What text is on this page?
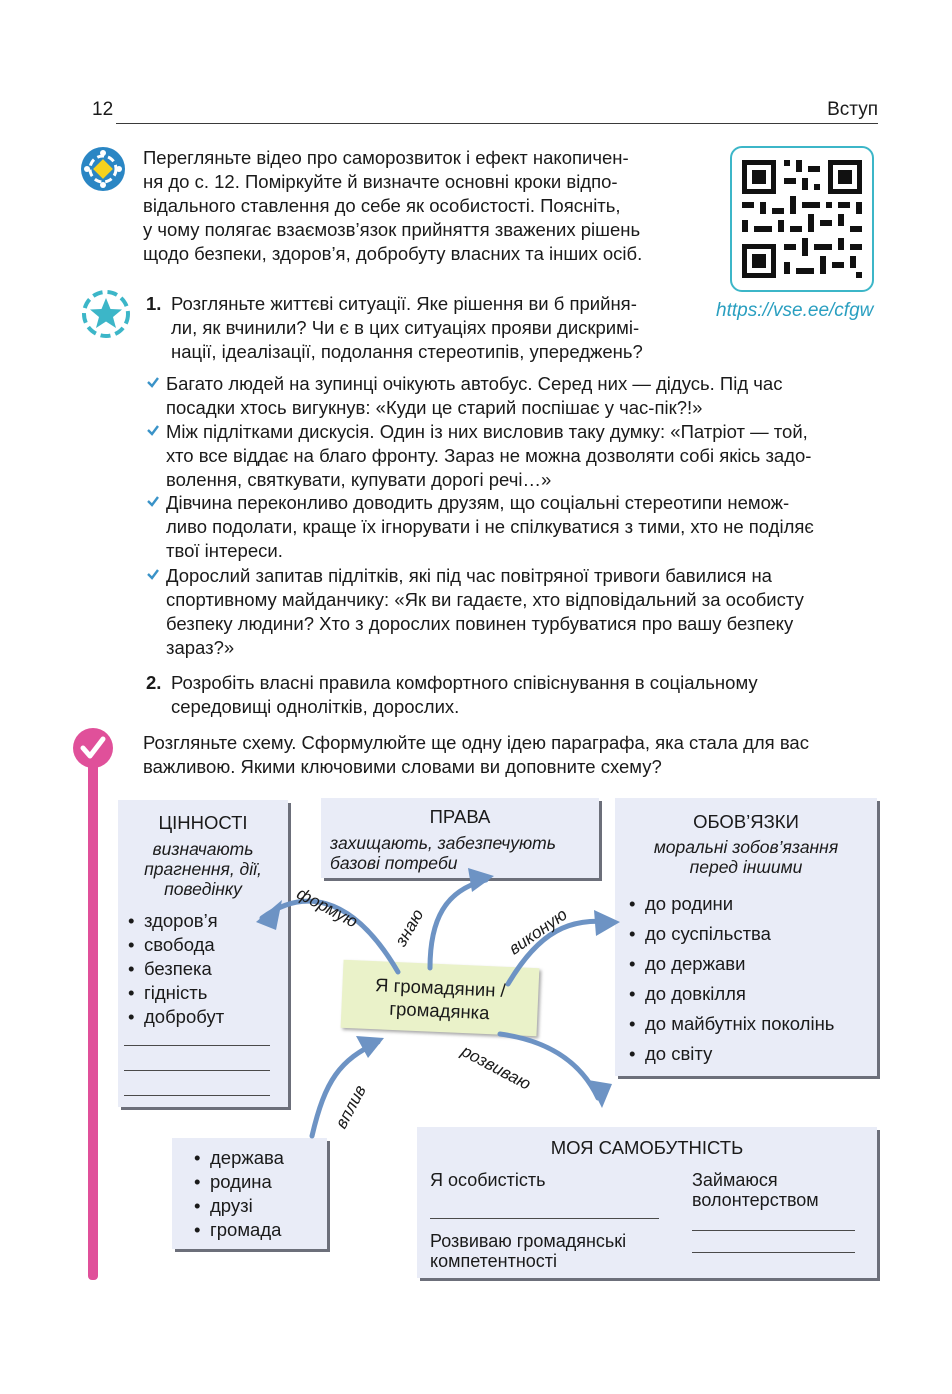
12	Вступ
Перегляньте відео про саморозвиток і ефект накопичен-
ня до с. 12. Поміркуйте й визначте основні кроки відпо-
відального ставлення до себе як особистості. Поясніть,
у чому полягає взаємозв’язок прийняття зважених рішень
щодо безпеки, здоров’я, добробуту власних та інших осіб.
https://vse.ee/cfgw
1. Розгляньте життєві ситуації. Яке рішення ви б прийня-
ли, як вчинили? Чи є в цих ситуаціях прояви дискримі-
нації, ідеалізації, подолання стереотипів, упереджень?
Багато людей на зупинці очікують автобус. Серед них — дідусь. Під час
посадки хтось вигукнув: «Куди це старий поспішає у час-пік?!»
Між підлітками дискусія. Один із них висловив таку думку: «Патріот — той,
хто все віддає на благо фронту. Зараз не можна дозволяти собі якісь задо-
волення, святкувати, купувати дорогі речі…»
Дівчина переконливо доводить друзям, що соціальні стереотипи немож-
ливо подолати, краще їх ігнорувати і не спілкуватися з тими, хто не поділяє
твої інтереси.
Дорослий запитав підлітків, які під час повітряної тривоги бавилися на
спортивному майданчику: «Як ви гадаєте, хто відповідальний за особисту
безпеку людини? Хто з дорослих повинен турбуватися про вашу безпеку
зараз?»
2. Розробіть власні правила комфортного співіснування в соціальному
середовищі однолітків, дорослих.
Розгляньте схему. Сформулюйте ще одну ідею параграфа, яка стала для вас
важливою. Якими ключовими словами ви доповните схему?
ЦІННОСТІ
визначають
прагнення, дії,
поведінку
• здоров’я
• свобода
• безпека
• гідність
• добробут
ПРАВА
захищають, забезпечують
базові потреби
ОБОВ’ЯЗКИ
моральні зобов’язання
перед іншими
• до родини
• до суспільства
• до держави
• до довкілля
• до майбутніх поколінь
• до світу
• держава
• родина
• друзі
• громада
МОЯ САМОБУТНІСТЬ
Я особистість
Розвиваю громадянські
компетентності
Займаюся
волонтерством
Я громадянин /
громадянка
формую знаю	виконую
розвиваю
вплив
